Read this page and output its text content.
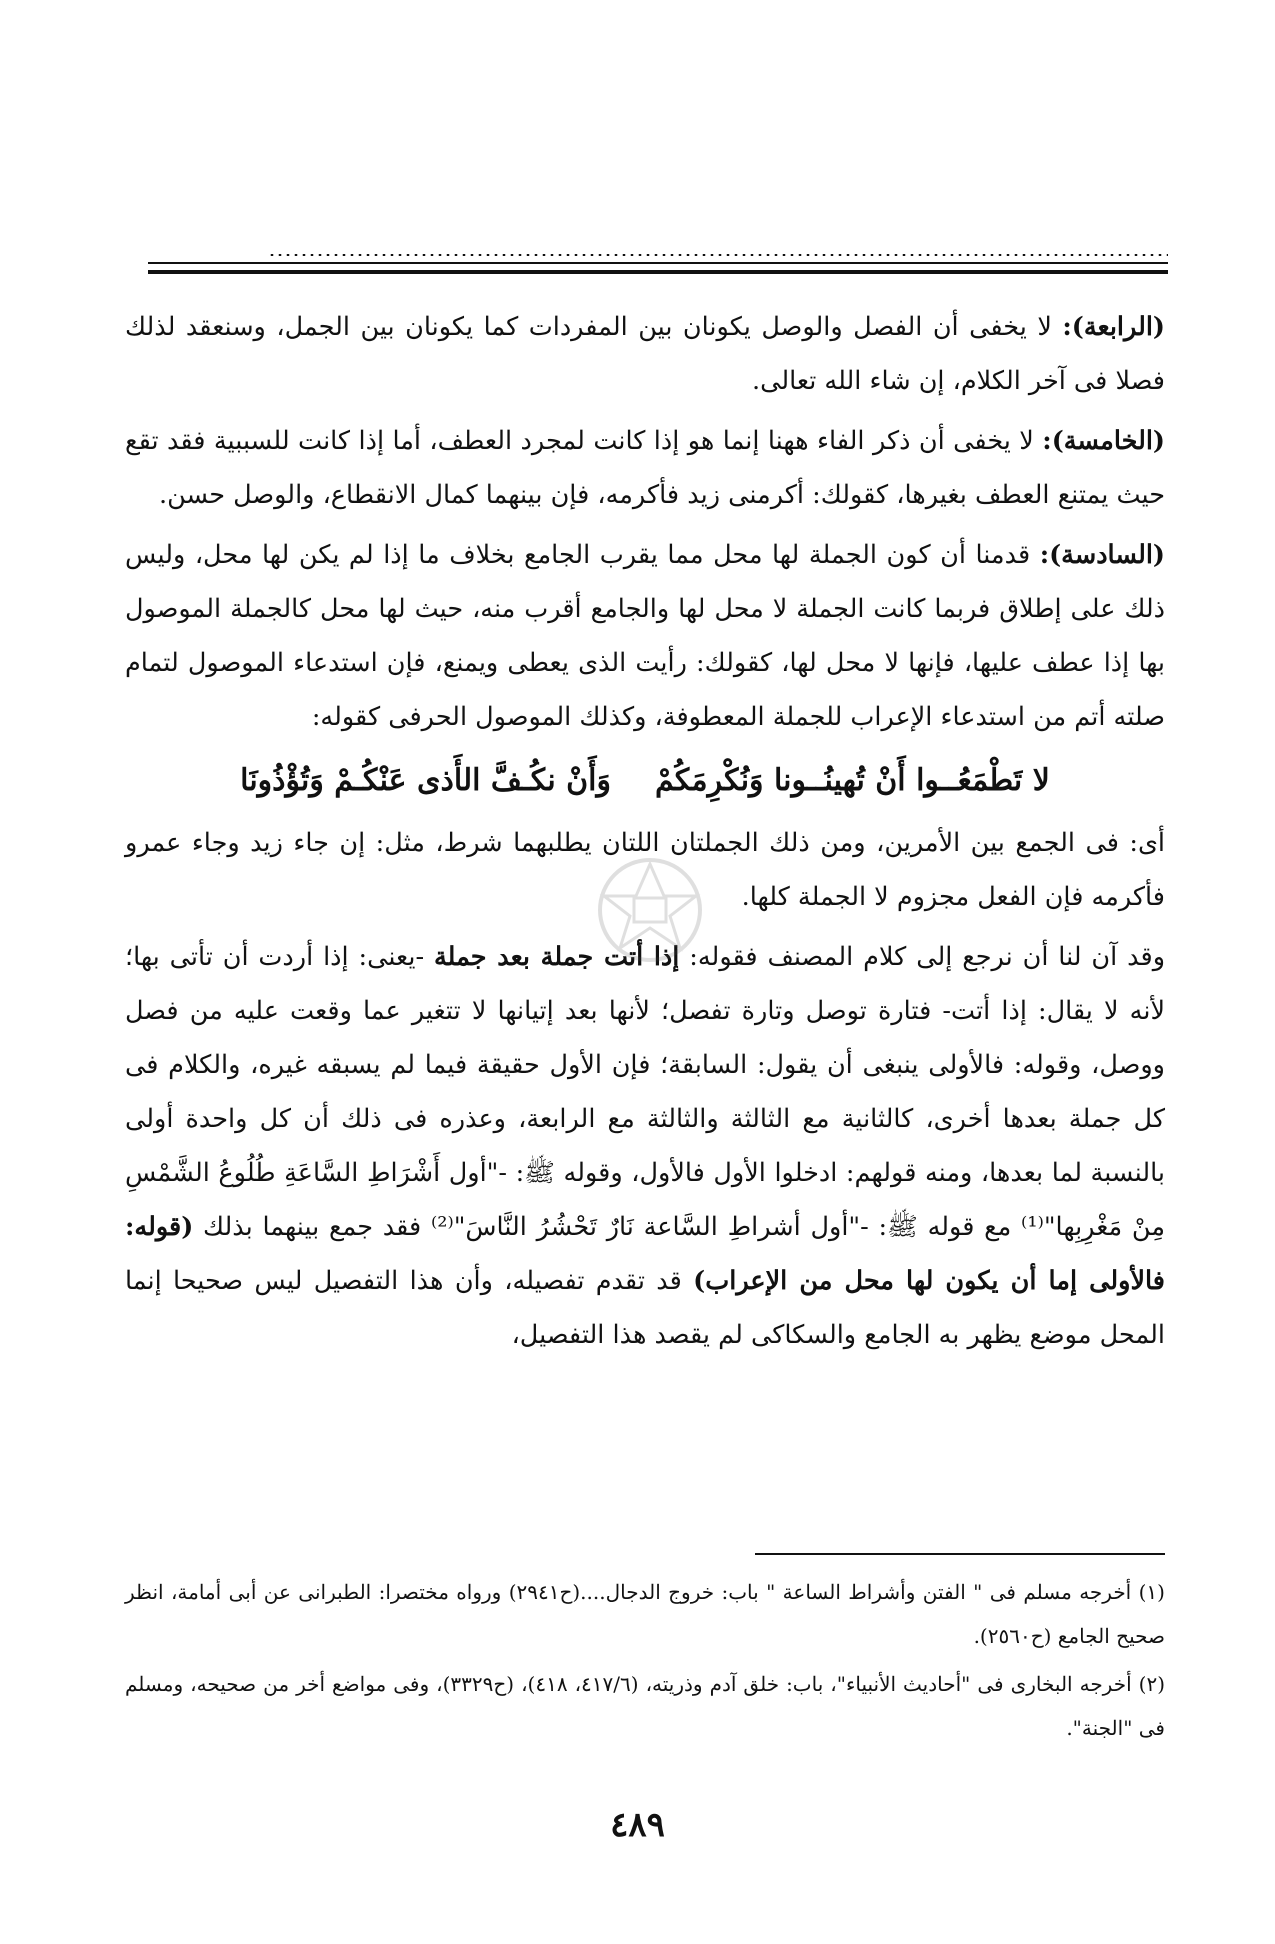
(الرابعة): لا يخفى أن الفصل والوصل يكونان بين المفردات كما يكونان بين الجمل، وسنعقد لذلك فصلا فى آخر الكلام، إن شاء الله تعالى.

(الخامسة): لا يخفى أن ذكر الفاء ههنا إنما هو إذا كانت لمجرد العطف، أما إذا كانت للسببية فقد تقع حيث يمتنع العطف بغيرها، كقولك: أكرمنى زيد فأكرمه، فإن بينهما كمال الانقطاع، والوصل حسن.

(السادسة): قدمنا أن كون الجملة لها محل مما يقرب الجامع بخلاف ما إذا لم يكن لها محل، وليس ذلك على إطلاق فربما كانت الجملة لا محل لها والجامع أقرب منه، حيث لها محل كالجملة الموصول بها إذا عطف عليها، فإنها لا محل لها، كقولك: رأيت الذى يعطى ويمنع، فإن استدعاء الموصول لتمام صلته أتم من استدعاء الإعراب للجملة المعطوفة، وكذلك الموصول الحرفى كقوله:

لا تَطْمَعُــوا أَنْ تُهينُــونا وَنُكْرِمَكُمْوَأَنْ نكُـفَّ الأَذى عَنْكُـمْ وَتُؤْذُونَا

أى: فى الجمع بين الأمرين، ومن ذلك الجملتان اللتان يطلبهما شرط، مثل: إن جاء زيد وجاء عمرو فأكرمه فإن الفعل مجزوم لا الجملة كلها.

وقد آن لنا أن نرجع إلى كلام المصنف فقوله: إذا أتت جملة بعد جملة -يعنى: إذا أردت أن تأتى بها؛ لأنه لا يقال: إذا أتت- فتارة توصل وتارة تفصل؛ لأنها بعد إتيانها لا تتغير عما وقعت عليه من فصل ووصل، وقوله: فالأولى ينبغى أن يقول: السابقة؛ فإن الأول حقيقة فيما لم يسبقه غيره، والكلام فى كل جملة بعدها أخرى، كالثانية مع الثالثة والثالثة مع الرابعة، وعذره فى ذلك أن كل واحدة أولى بالنسبة لما بعدها، ومنه قولهم: ادخلوا الأول فالأول، وقوله ﷺ: -"أول أَشْرَاطِ السَّاعَةِ طُلُوعُ الشَّمْسِ مِنْ مَغْرِبِها"⁽¹⁾ مع قوله ﷺ: -"أول أشراطِ السَّاعة نَارٌ تَحْشُرُ النَّاسَ"⁽²⁾ فقد جمع بينهما بذلك (قوله: فالأولى إما أن يكون لها محل من الإعراب) قد تقدم تفصيله، وأن هذا التفصيل ليس صحيحا إنما المحل موضع يظهر به الجامع والسكاكى لم يقصد هذا التفصيل،

(١) أخرجه مسلم فى " الفتن وأشراط الساعة " باب: خروج الدجال....(ح٢٩٤١) ورواه مختصرا: الطبرانى عن أبى أمامة، انظر صحيح الجامع (ح٢٥٦٠).

(٢) أخرجه البخارى فى "أحاديث الأنبياء"، باب: خلق آدم وذريته، (٤١٧/٦، ٤١٨)، (ح٣٣٢٩)، وفى مواضع أخر من صحيحه، ومسلم فى "الجنة".

٤٨٩
